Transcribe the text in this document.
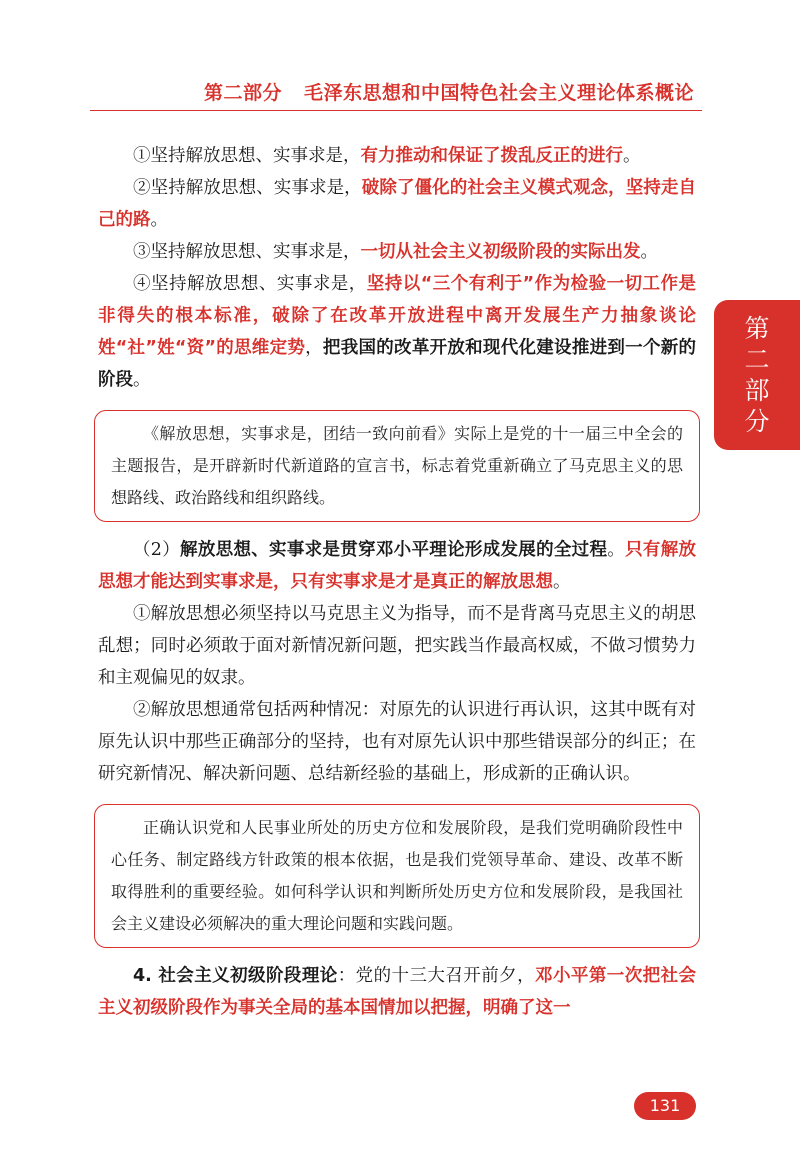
第二部分 毛泽东思想和中国特色社会主义理论体系概论
第二部分

①坚持解放思想、实事求是，有力推动和保证了拨乱反正的进行。

②坚持解放思想、实事求是，破除了僵化的社会主义模式观念，坚持走自己的路。

③坚持解放思想、实事求是，一切从社会主义初级阶段的实际出发。

④坚持解放思想、实事求是，坚持以“三个有利于”作为检验一切工作是非得失的根本标准，破除了在改革开放进程中离开发展生产力抽象谈论姓“社”姓“资”的思维定势，把我国的改革开放和现代化建设推进到一个新的阶段。

《解放思想，实事求是，团结一致向前看》实际上是党的十一届三中全会的主题报告，是开辟新时代新道路的宣言书，标志着党重新确立了马克思主义的思想路线、政治路线和组织路线。

（2）解放思想、实事求是贯穿邓小平理论形成发展的全过程。只有解放思想才能达到实事求是，只有实事求是才是真正的解放思想。

①解放思想必须坚持以马克思主义为指导，而不是背离马克思主义的胡思乱想；同时必须敢于面对新情况新问题，把实践当作最高权威，不做习惯势力和主观偏见的奴隶。

②解放思想通常包括两种情况：对原先的认识进行再认识，这其中既有对原先认识中那些正确部分的坚持，也有对原先认识中那些错误部分的纠正；在研究新情况、解决新问题、总结新经验的基础上，形成新的正确认识。

正确认识党和人民事业所处的历史方位和发展阶段，是我们党明确阶段性中心任务、制定路线方针政策的根本依据，也是我们党领导革命、建设、改革不断取得胜利的重要经验。如何科学认识和判断所处历史方位和发展阶段，是我国社会主义建设必须解决的重大理论问题和实践问题。

4. 社会主义初级阶段理论：党的十三大召开前夕，邓小平第一次把社会主义初级阶段作为事关全局的基本国情加以把握，明确了这一

131
